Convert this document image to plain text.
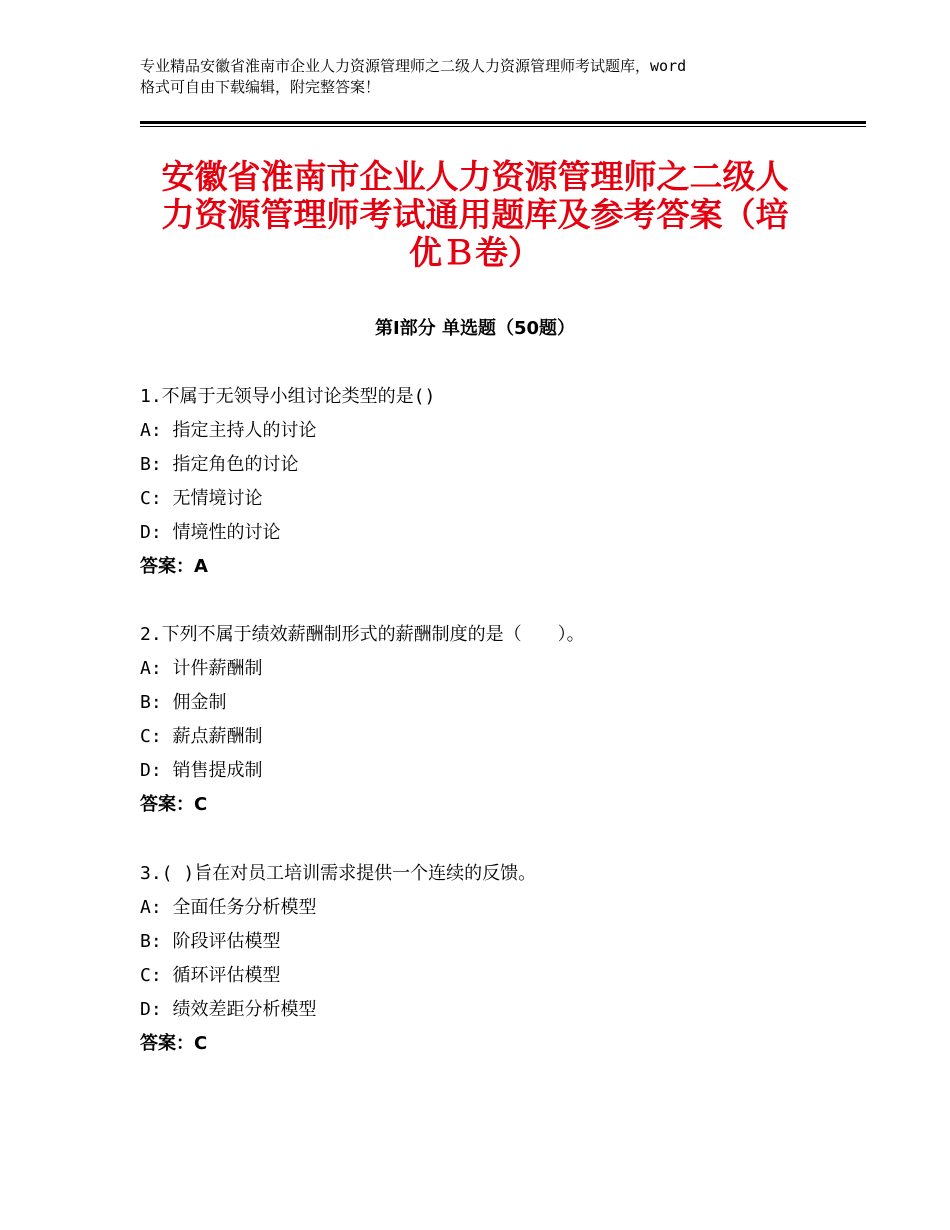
专业精品安徽省淮南市企业人力资源管理师之二级人力资源管理师考试题库，word
格式可自由下载编辑，附完整答案！
安徽省淮南市企业人力资源管理师之二级人
力资源管理师考试通用题库及参考答案（培
优Ｂ卷）
第Ⅰ部分 单选题（50题）
1.不属于无领导小组讨论类型的是()
A: 指定主持人的讨论
B: 指定角色的讨论
C: 无情境讨论
D: 情境性的讨论
答案：A
2.下列不属于绩效薪酬制形式的薪酬制度的是（　　）。
A: 计件薪酬制
B: 佣金制
C: 薪点薪酬制
D: 销售提成制
答案：C
3.( )旨在对员工培训需求提供一个连续的反馈。
A: 全面任务分析模型
B: 阶段评估模型
C: 循环评估模型
D: 绩效差距分析模型
答案：C
